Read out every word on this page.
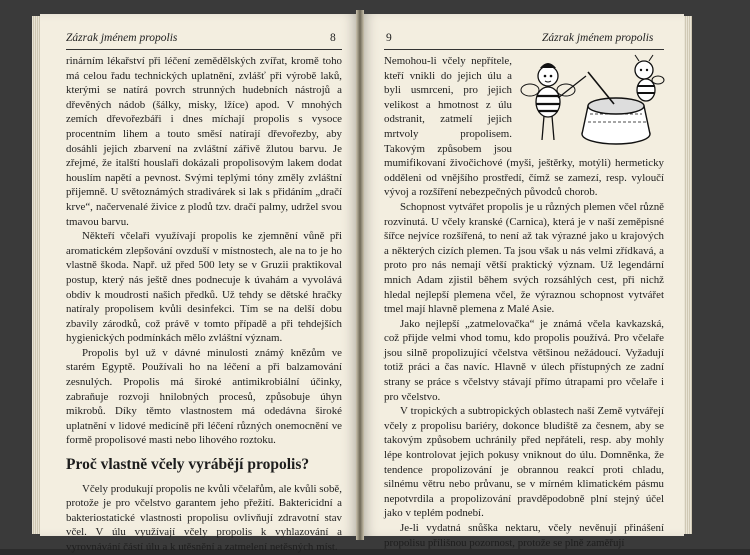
Zázrak jménem propolis	8

rinárním lékařství při léčení zemědělských zvířat, kromě toho má celou řadu technických uplatnění, zvlášť při výrobě laků, kterými se natírá povrch strunných hudebních nástrojů a dřevěných nádob (šálky, misky, lžíce) apod. V mnohých zemích dřevořezbáři i dnes míchají propolis s vysoce procentním lihem a touto směsí natírají dřevořezby, aby dosáhli jejich zbarvení na zvláštní zářivě žlutou barvu. Je zřejmé, že italští houslaři dokázali propolisovým lakem dodat houslím napětí a pevnost. Svými teplými tóny změly zvláštní přijemně. U světoznámých stradivárek si lak s přidáním „dračí krve“, načervenalé živice z plodů tzv. dračí palmy, udržel svou tmavou barvu.

Někteří včelaři využívají propolis ke zjemnění vůně při aromatickém zlepšování ovzduší v místnostech, ale na to je ho vlastně škoda. Např. už před 500 lety se v Gruzii praktikoval postup, který nás ještě dnes podnecuje k úvahám a vyvolává obdiv k moudrosti našich předků. Už tehdy se dětské hračky natíraly propolisem kvůli desinfekci. Tím se na delší dobu zbavily zárodků, což právě v tomto případě a při tehdejších hygienických podmínkách mělo zvláštní význam.

Propolis byl už v dávné minulosti známý knězům ve starém Egyptě. Používali ho na léčení a při balzamování zesnulých. Propolis má široké antimikrobiální účinky, zabraňuje rozvoji hnilobných procesů, způsobuje úhyn mikrobů. Díky těmto vlastnostem má odedávna široké uplatnění v lidové medicíně při léčení různých onemocnění ve formě propolisové masti nebo lihového roztoku.

Proč vlastně včely vyrábějí propolis?

Včely produkují propolis ne kvůli včelařům, ale kvůli sobě, protože je pro včelstvo garantem jeho přežití. Baktericidní a bakteriostatické vlastnosti propolisu ovlivňují zdravotní stav včel. V úlu využívají včely propolis k vyhlazování a vyrovnávání částí úlu a k utěsnění a zatmelení netěsných míst.

9	Zázrak jménem propolis

Nemohou-li včely nepřítele, kteří vnikli do jejich úlu a byli usmrceni, pro jejich velikost a hmotnost z úlu odstranit, zatmelí jejich mrtvoly propolisem. Takovým způsobem jsou mumifikovaní živočichové (myši, ještěrky, motýli) hermeticky odděleni od vnějšího prostředí, čímž se zamezí, resp. vyloučí vývoj a rozšíření nebezpečných původců chorob.

Schopnost vytvářet propolis je u různých plemen včel různě rozvinutá. U včely kranské (Carnica), která je v naší zeměpisné šířce nejvíce rozšířená, to není až tak výrazné jako u krajových a některých cizích plemen. Ta jsou však u nás velmi zřídkavá, a proto pro nás nemají větší praktický význam. Už legendární mnich Adam zjistil během svých rozsáhlých cest, při nichž hledal nejlepší plemena včel, že výraznou schopnost vytvářet tmel mají hlavně plemena z Malé Asie.

Jako nejlepší „zatmelovačka“ je známá včela kavkazská, což přijde velmi vhod tomu, kdo propolis používá. Pro včelaře jsou silně propolizující včelstva většinou nežádoucí. Vyžadují totiž práci a čas navíc. Hlavně v úlech přístupných ze zadní strany se práce s včelstvy stávají přímo útrapami pro včelaře i pro včelstvo.

V tropických a subtropických oblastech naší Země vytvářejí včely z propolisu bariéry, dokonce bludiště za česnem, aby se takovým způsobem uchránily před nepřáteli, resp. aby mohly lépe kontrolovat jejich pokusy vniknout do úlu. Domněnka, že tendence propolizování je obrannou reakcí proti chladu, silnému větru nebo průvanu, se v mírném klimatickém pásmu nepotvrdila a propolizování pravděpodobně plní stejný účel jako v teplém podnebí.

Je-li vydatná snůška nektaru, včely nevěnují přinášení propolisu přílišnou pozornost, protože se plně zaměřují
